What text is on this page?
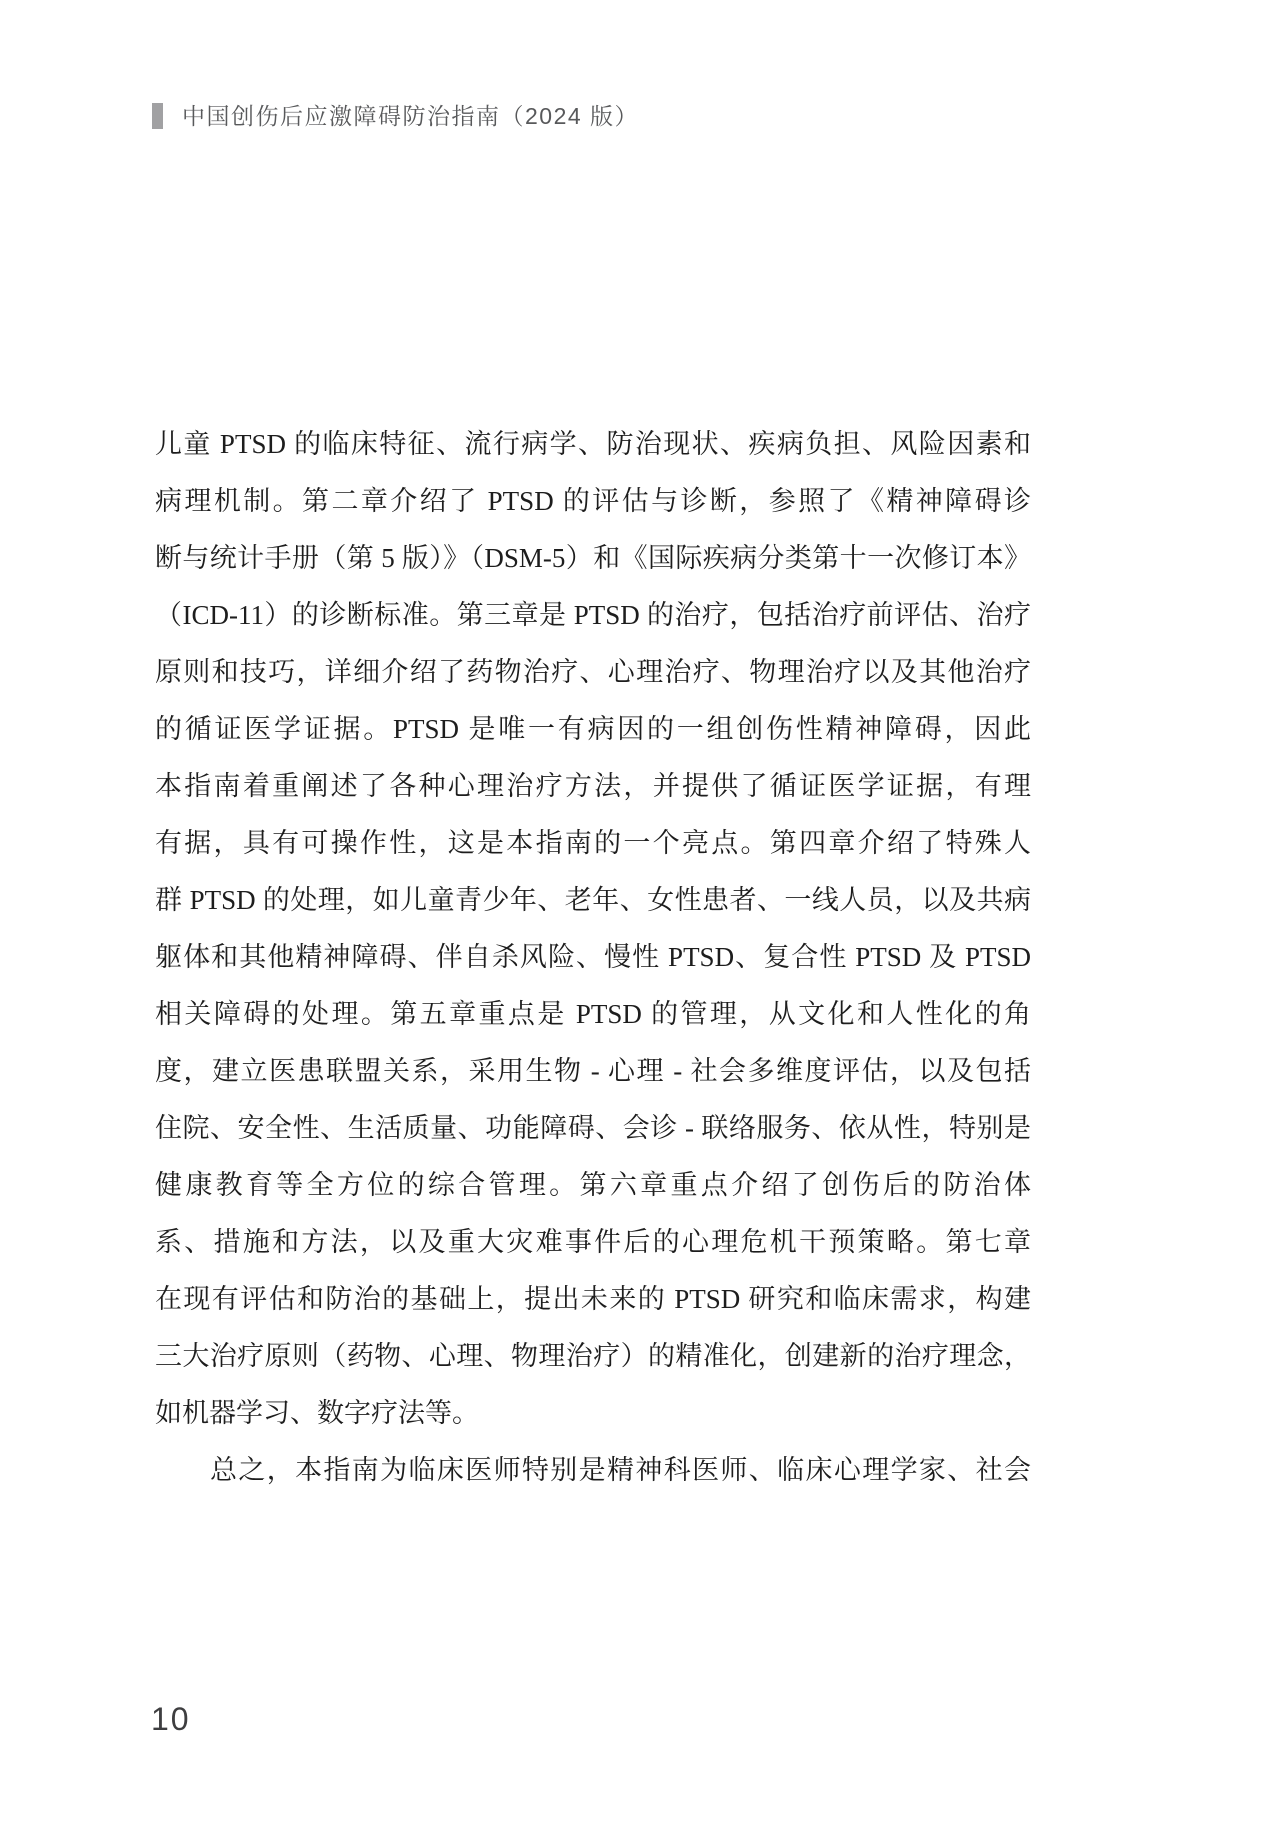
中国创伤后应激障碍防治指南（2024 版）
儿童 PTSD 的临床特征、流行病学、防治现状、疾病负担、风险因素和
病理机制。第二章介绍了 PTSD 的评估与诊断，参照了《精神障碍诊
断与统计手册（第 5 版）》（DSM-5）和《国际疾病分类第十一次修订本》
（ICD-11）的诊断标准。第三章是 PTSD 的治疗，包括治疗前评估、治疗
原则和技巧，详细介绍了药物治疗、心理治疗、物理治疗以及其他治疗
的循证医学证据。PTSD 是唯一有病因的一组创伤性精神障碍，因此
本指南着重阐述了各种心理治疗方法，并提供了循证医学证据，有理
有据，具有可操作性，这是本指南的一个亮点。第四章介绍了特殊人
群 PTSD 的处理，如儿童青少年、老年、女性患者、一线人员，以及共病
躯体和其他精神障碍、伴自杀风险、慢性 PTSD、复合性 PTSD 及 PTSD
相关障碍的处理。第五章重点是 PTSD 的管理，从文化和人性化的角
度，建立医患联盟关系，采用生物 - 心理 - 社会多维度评估，以及包括
住院、安全性、生活质量、功能障碍、会诊 - 联络服务、依从性，特别是
健康教育等全方位的综合管理。第六章重点介绍了创伤后的防治体
系、措施和方法，以及重大灾难事件后的心理危机干预策略。第七章
在现有评估和防治的基础上，提出未来的 PTSD 研究和临床需求，构建
三大治疗原则（药物、心理、物理治疗）的精准化，创建新的治疗理念，
如机器学习、数字疗法等。
总之，本指南为临床医师特别是精神科医师、临床心理学家、社会
10
